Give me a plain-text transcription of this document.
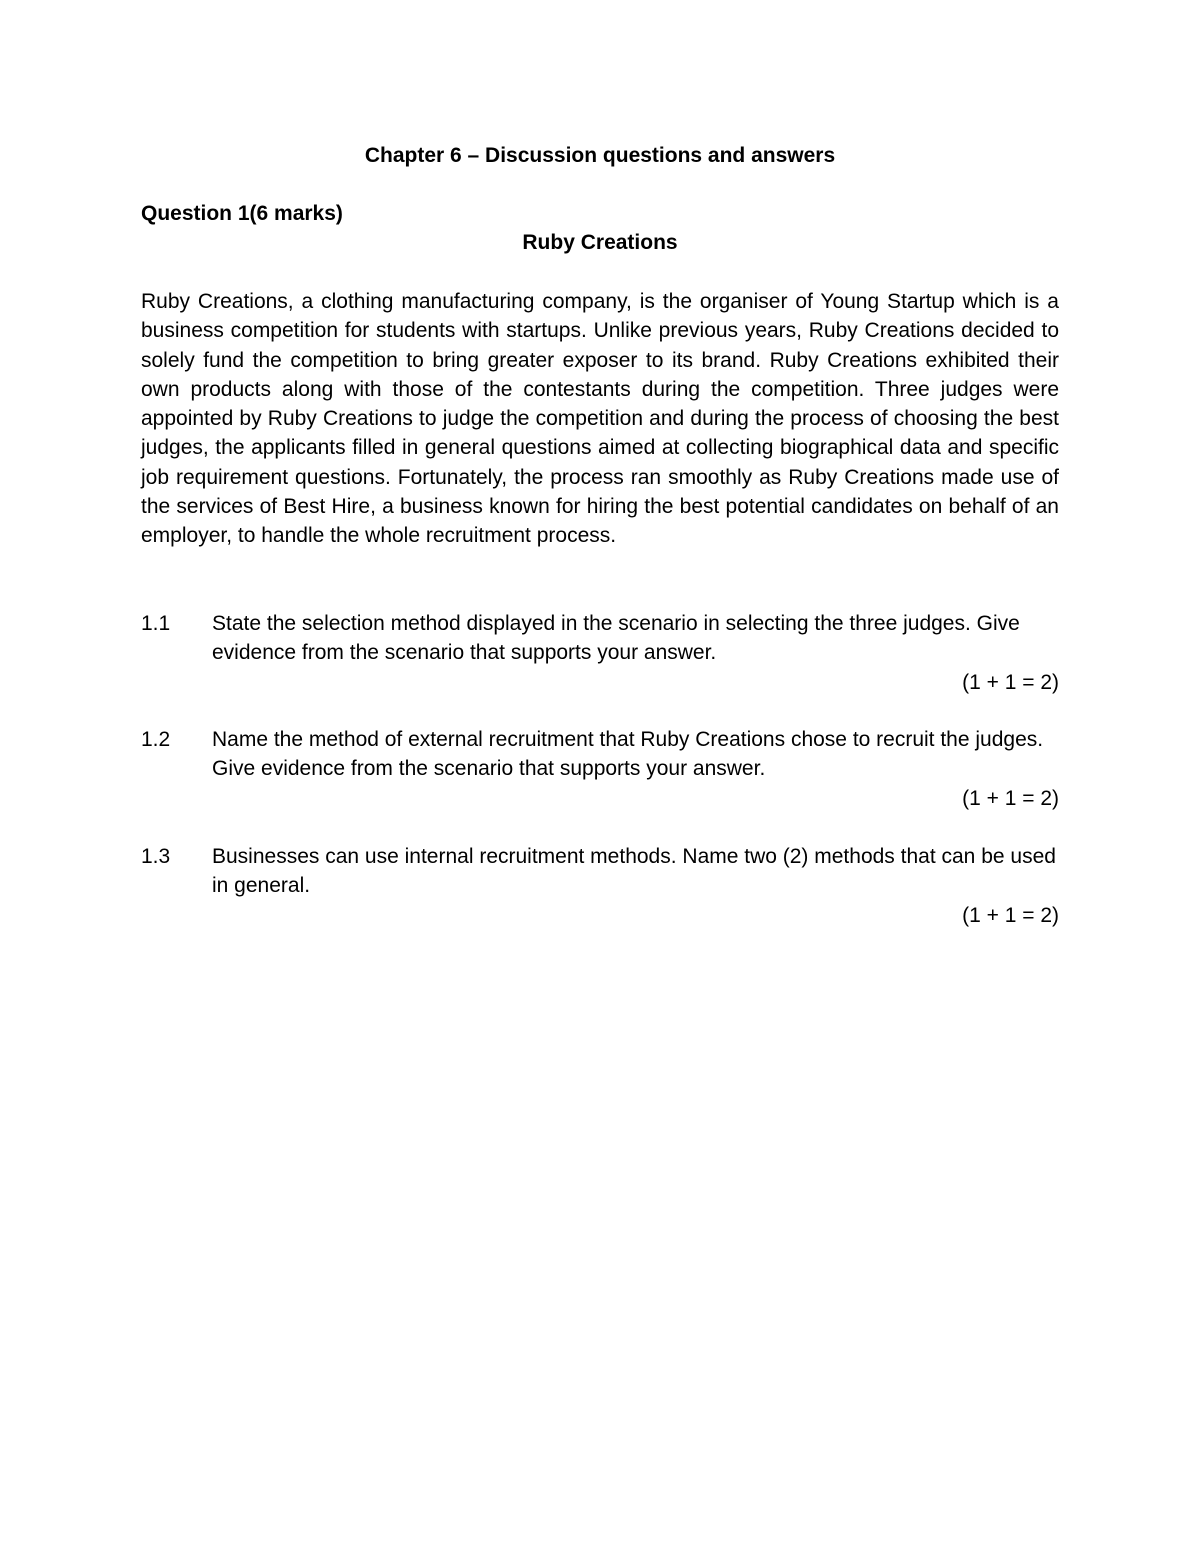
Chapter 6 – Discussion questions and answers
Question 1(6 marks)
Ruby Creations

Ruby Creations, a clothing manufacturing company, is the organiser of Young Startup which is a business competition for students with startups. Unlike previous years, Ruby Creations decided to solely fund the competition to bring greater exposer to its brand. Ruby Creations exhibited their own products along with those of the contestants during the competition. Three judges were appointed by Ruby Creations to judge the competition and during the process of choosing the best judges, the applicants filled in general questions aimed at collecting biographical data and specific job requirement questions. Fortunately, the process ran smoothly as Ruby Creations made use of the services of Best Hire, a business known for hiring the best potential candidates on behalf of an employer, to handle the whole recruitment process.

1.1	State the selection method displayed in the scenario in selecting the three judges. Give evidence from the scenario that supports your answer.
(1 + 1 = 2)
1.2	Name the method of external recruitment that Ruby Creations chose to recruit the judges. Give evidence from the scenario that supports your answer.
(1 + 1 = 2)
1.3	Businesses can use internal recruitment methods. Name two (2) methods that can be used in general.
(1 + 1 = 2)
